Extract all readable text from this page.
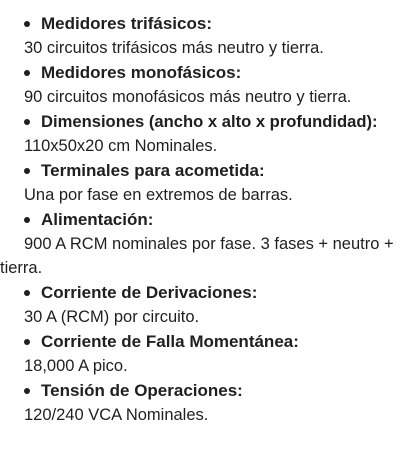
Medidores trifásicos:

30 circuitos trifásicos más neutro y tierra.

Medidores monofásicos:

90 circuitos monofásicos más neutro y tierra.

Dimensiones (ancho x alto x profundidad):

110x50x20 cm Nominales.

Terminales para acometida:

Una por fase en extremos de barras.

Alimentación:

900 A RCM nominales por fase. 3 fases + neutro + tierra.

Corriente de Derivaciones:

30 A (RCM) por circuito.

Corriente de Falla Momentánea:

18,000 A pico.

Tensión de Operaciones:

120/240 VCA Nominales.
